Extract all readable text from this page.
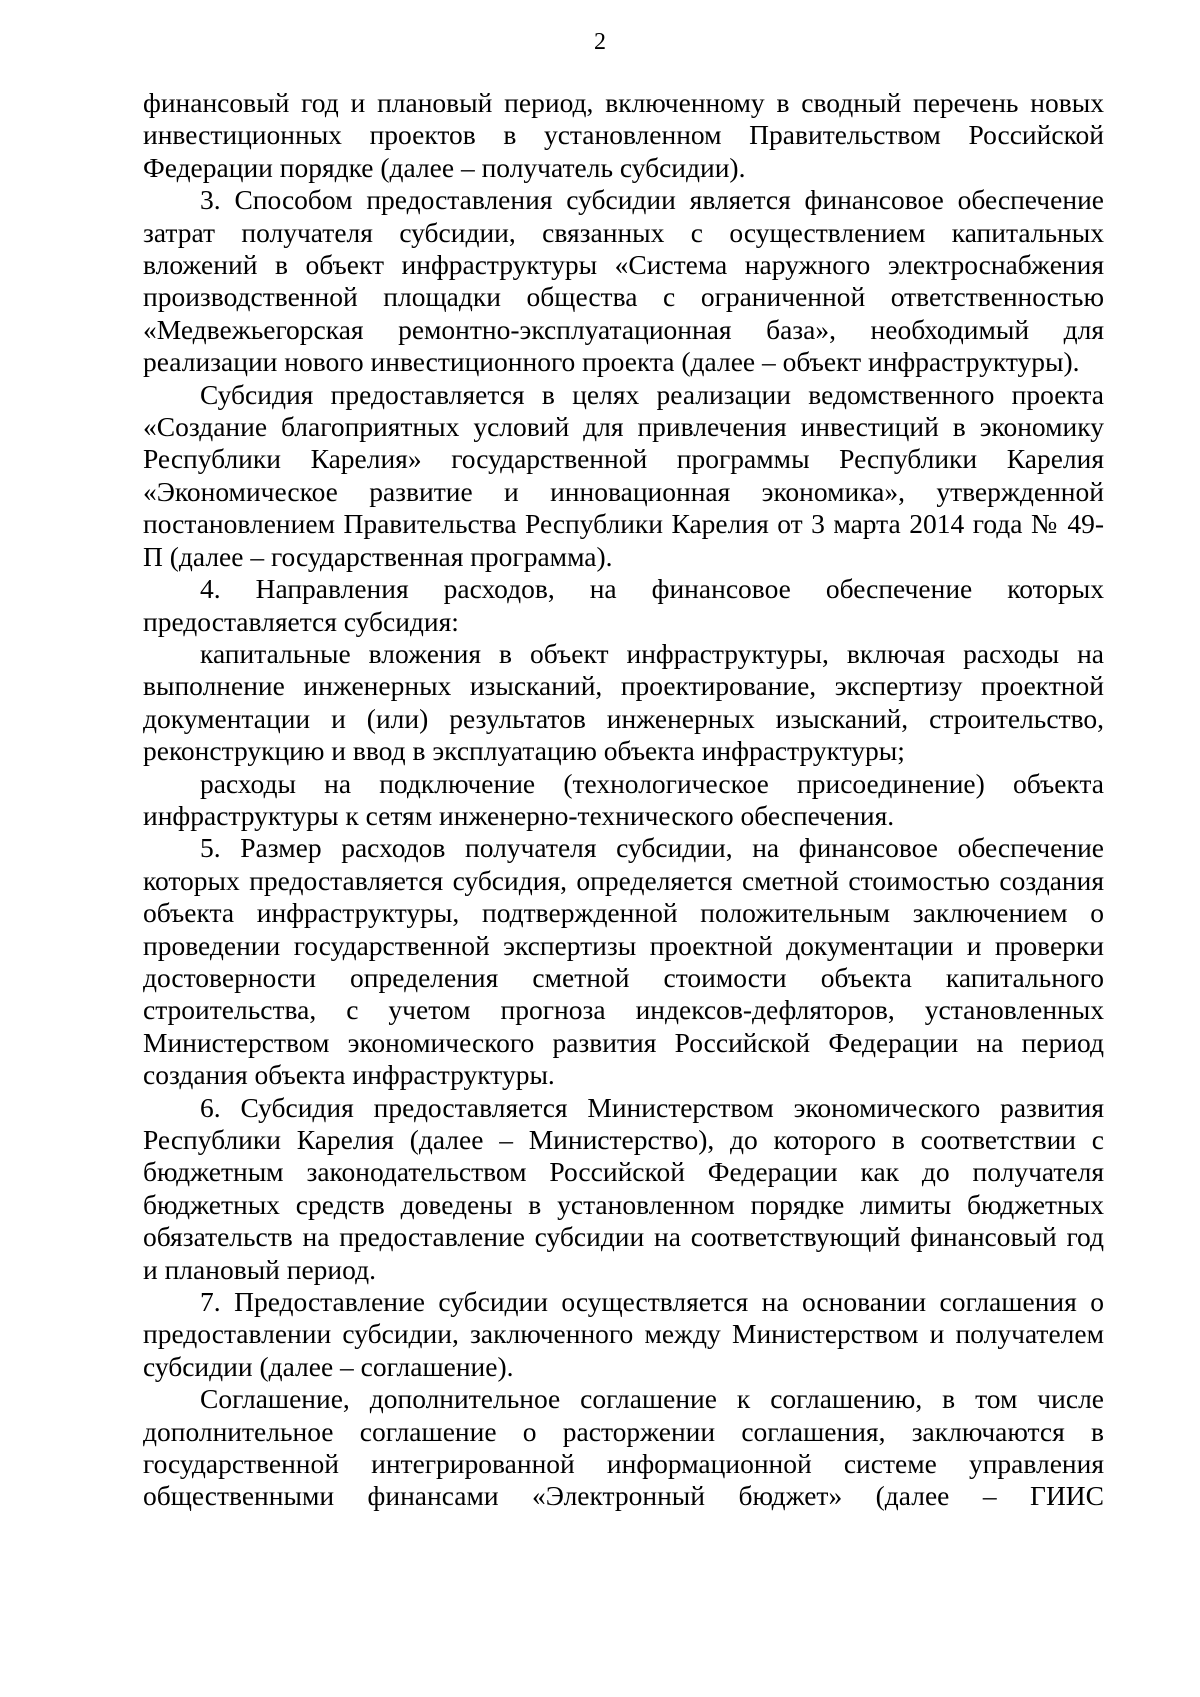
2

финансовый год и плановый период, включенному в сводный перечень новых инвестиционных проектов в установленном Правительством Российской Федерации порядке (далее – получатель субсидии).

3. Способом предоставления субсидии является финансовое обеспечение затрат получателя субсидии, связанных с осуществлением капитальных вложений в объект инфраструктуры «Система наружного электроснабжения производственной площадки общества с ограниченной ответственностью «Медвежьегорская ремонтно-эксплуатационная база», необходимый для реализации нового инвестиционного проекта (далее – объект инфраструктуры).

Субсидия предоставляется в целях реализации ведомственного проекта «Создание благоприятных условий для привлечения инвестиций в экономику Республики Карелия» государственной программы Республики Карелия «Экономическое развитие и инновационная экономика», утвержденной постановлением Правительства Республики Карелия от 3 марта 2014 года № 49-П (далее – государственная программа).

4. Направления расходов, на финансовое обеспечение которых предоставляется субсидия:

капитальные вложения в объект инфраструктуры, включая расходы на выполнение инженерных изысканий, проектирование, экспертизу проектной документации и (или) результатов инженерных изысканий, строительство, реконструкцию и ввод в эксплуатацию объекта инфраструктуры;

расходы на подключение (технологическое присоединение) объекта инфраструктуры к сетям инженерно-технического обеспечения.

5. Размер расходов получателя субсидии, на финансовое обеспечение которых предоставляется субсидия, определяется сметной стоимостью создания объекта инфраструктуры, подтвержденной положительным заключением о проведении государственной экспертизы проектной документации и проверки достоверности определения сметной стоимости объекта капитального строительства, с учетом прогноза индексов-дефляторов, установленных Министерством экономического развития Российской Федерации на период создания объекта инфраструктуры.

6. Субсидия предоставляется Министерством экономического развития Республики Карелия (далее – Министерство), до которого в соответствии с бюджетным законодательством Российской Федерации как до получателя бюджетных средств доведены в установленном порядке лимиты бюджетных обязательств на предоставление субсидии на соответствующий финансовый год и плановый период.

7. Предоставление субсидии осуществляется на основании соглашения о предоставлении субсидии, заключенного между Министерством и получателем субсидии (далее – соглашение).

Соглашение, дополнительное соглашение к соглашению, в том числе дополнительное соглашение о расторжении соглашения, заключаются в государственной интегрированной информационной системе управления общественными финансами «Электронный бюджет» (далее – ГИИС
